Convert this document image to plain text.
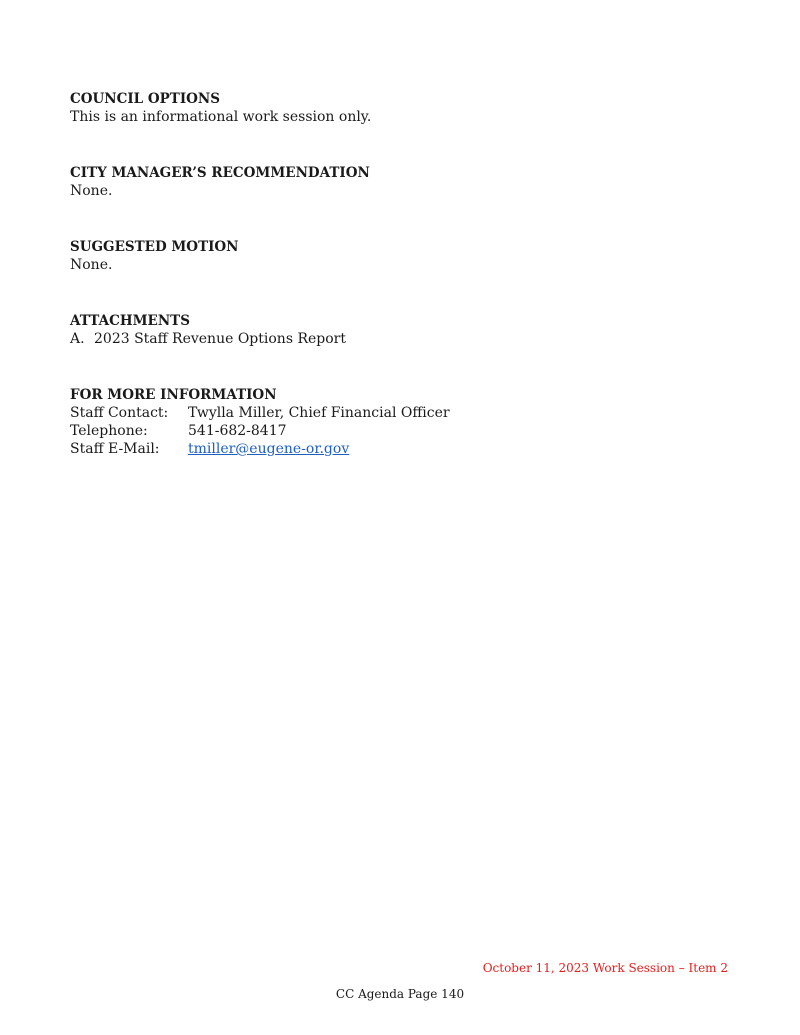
COUNCIL OPTIONS

This is an informational work session only.

CITY MANAGER’S RECOMMENDATION

None.

SUGGESTED MOTION

None.

ATTACHMENTS

A. 2023 Staff Revenue Options Report

FOR MORE INFORMATION

Staff Contact:	Twylla Miller, Chief Financial Officer
Telephone:	541-682-8417
Staff E-Mail:	tmiller@eugene-or.gov
October 11, 2023 Work Session – Item 2
CC Agenda Page 140
